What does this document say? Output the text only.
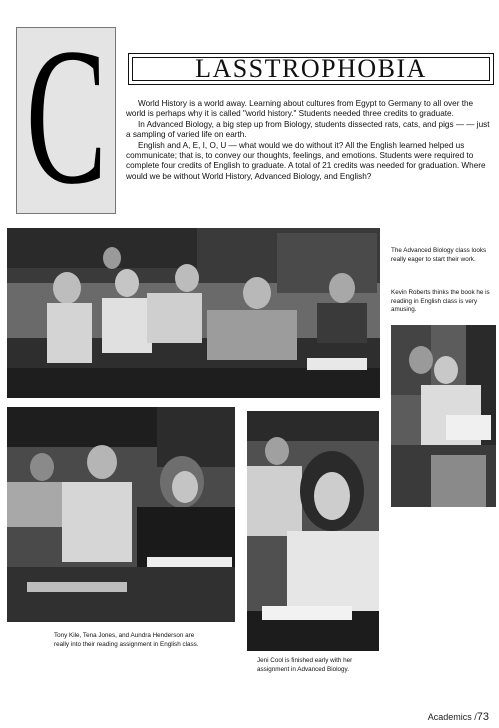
C	LASSTROPHOBIA

World History is a world away. Learning about cultures from Egypt to Germany to all over the world is perhaps why it is called "world history." Students needed three credits to graduate.

In Advanced Biology, a big step up from Biology, students dissected rats, cats, and pigs — — just a sampling of varied life on earth.

English and A, E, I, O, U — what would we do without it? All the English learned helped us communicate; that is, to convey our thoughts, feelings, and emotions. Students were required to complete four credits of English to graduate. A total of 21 credits was needed for graduation. Where would we be without World History, Advanced Biology, and English?

The Advanced Biology class looks really eager to start their work.
Kevin Roberts thinks the book he is reading in English class is very amusing.
Tony Kile, Tena Jones, and Aundra Henderson are really into their reading assignment in English class.
Jeni Cool is finished early with her assignment in Advanced Biology.
Academics /73
